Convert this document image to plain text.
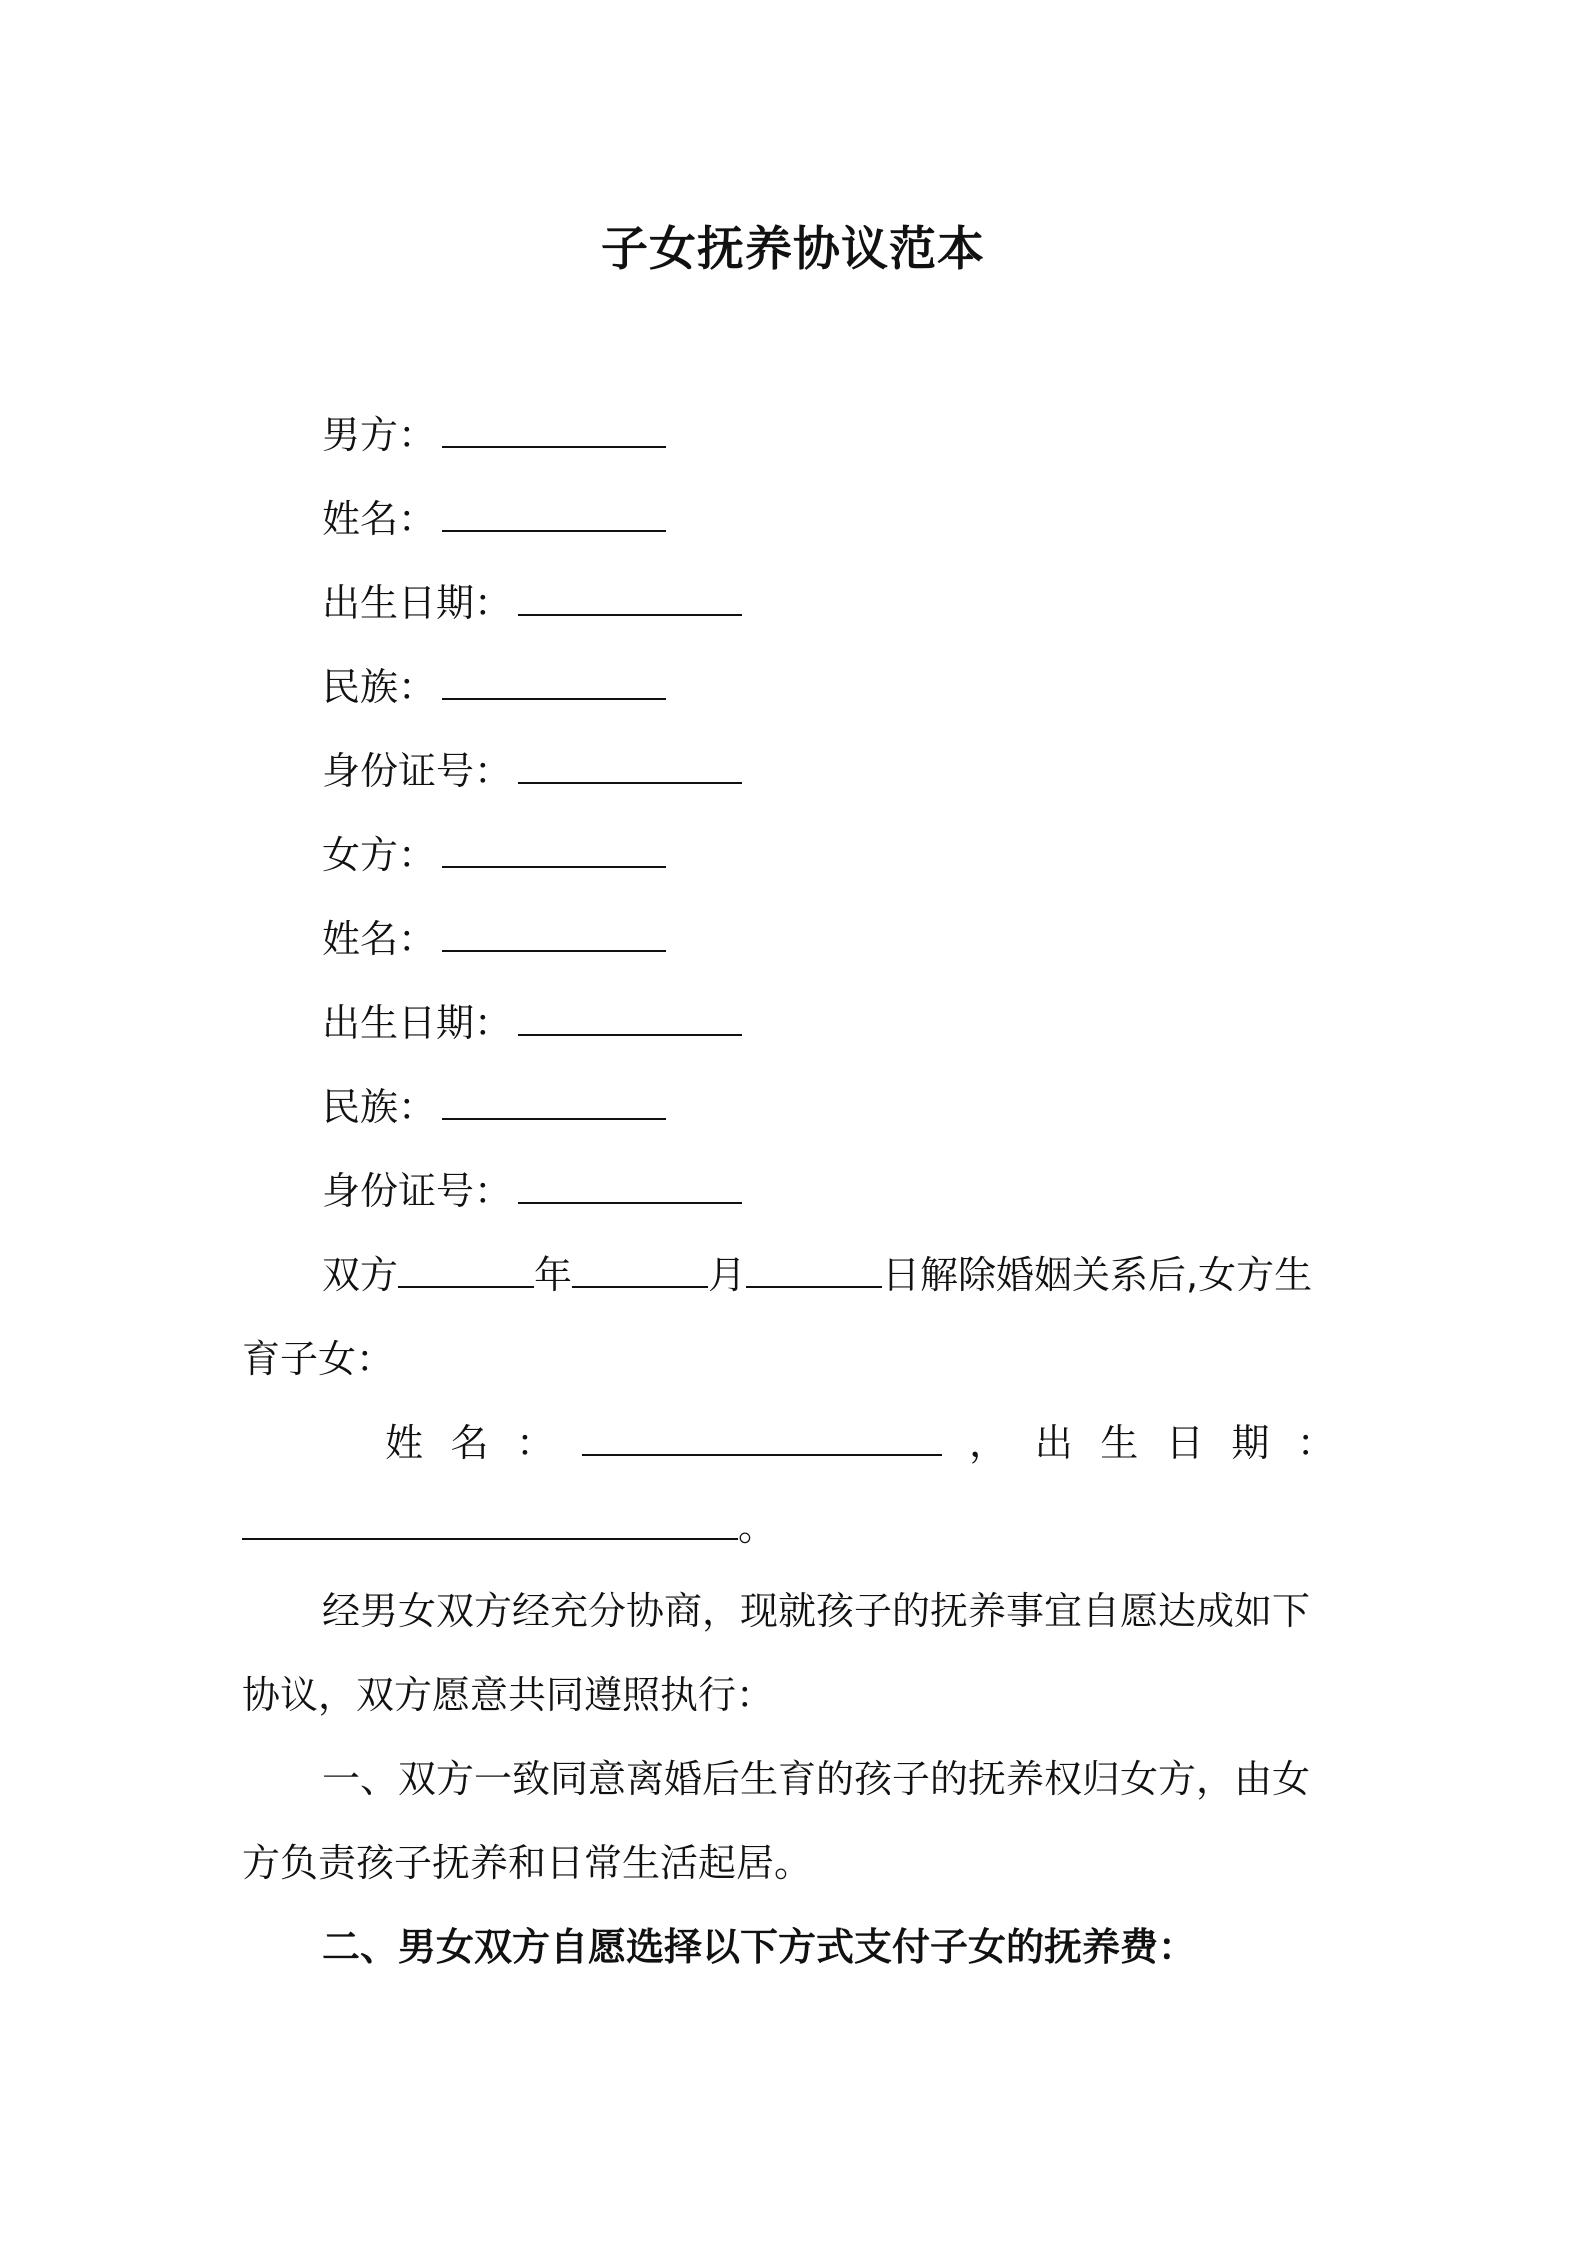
子女抚养协议范本
男方：
姓名：
出生日期：
民族：
身份证号：
女方：
姓名：
出生日期：
民族：
身份证号：
双方	年	月	日解除婚姻关系后,女方生
育子女：
姓 名 ：	， 出 生 日 期 ：
。
经男女双方经充分协商，现就孩子的抚养事宜自愿达成如下
协议，双方愿意共同遵照执行：
一、双方一致同意离婚后生育的孩子的抚养权归女方，由女
方负责孩子抚养和日常生活起居。
二、男女双方自愿选择以下方式支付子女的抚养费：
